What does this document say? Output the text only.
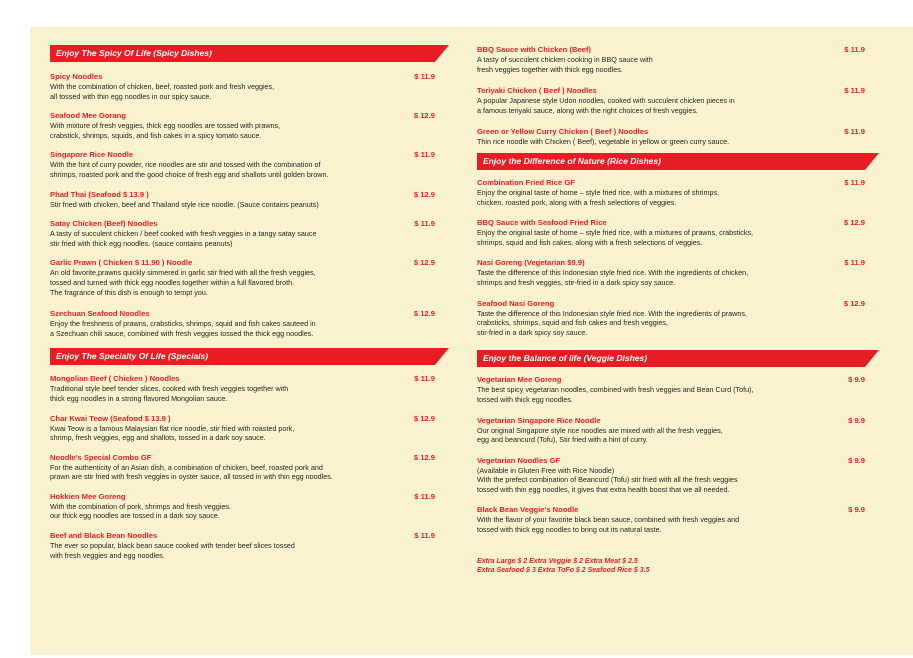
Enjoy The Spicy Of Life (Spicy Dishes)
Spicy Noodles	$ 11.9
With the combination of chicken, beef, roasted pork and fresh veggies,
all tossed with thin egg noodles in our spicy sauce.
Seafood Mee Gorang	$ 12.9
With mixture of fresh veggies, thick egg noodles are tossed with prawns,
crabstick, shrimps, squids, and fish cakes in a spicy tomato sauce.
Singapore Rice Noodle	$ 11.9
With the hint of curry powder, rice noodles are stir and tossed with the combination of
shrimps, roasted pork and the good choice of fresh egg and shallots until golden brown.
Phad Thai (Seafood $ 13.9 )	$ 12.9
Stir fried with chicken, beef and Thailand style rice noodle. (Sauce contains peanuts)
Satay Chicken (Beef) Noodles	$ 11.9
A tasty of succulent chicken / beef cooked with fresh veggies in a tangy satay sauce
stir fried with thick egg noodles. (sauce contains peanuts)
Garlic Prawn ( Chicken $ 11.90 ) Noodle	$ 12.9
An old favorite,prawns quickly simmered in garlic stir fried with all the fresh veggies,
tossed and turned with thick egg noodles together within a full flavored broth.
The fragrance of this dish is enough to tempt you.
Szechuan Seafood Noodles	$ 12.9
Enjoy the freshness of prawns, crabsticks, shrimps, squid and fish cakes sauteed in
a Szechuan chili sauce, combined with fresh veggies tossed the thick egg noodles.
Enjoy The Specialty Of Life (Specials)
Mongolian Beef ( Chicken ) Noodles	$ 11.9
Traditional style beef tender slices, cooked with fresh veggies together with
thick egg noodles in a strong flavored Mongolian sauce.
Char Kwai Teow (Seafood $ 13.9 )	$ 12.9
Kwai Teow is a famous Malaysian flat rice noodle, stir fried with roasted pork,
shrimp, fresh veggies, egg and shallots, tossed in a dark soy sauce.
Noodle's Special Combo GF	$ 12.9
For the authenticity of an Asian dish, a combination of chicken, beef, roasted pork and
prawn are stir fried with fresh veggies in oyster sauce, all tossed in with thin egg noodles.
Hokkien Mee Goreng	$ 11.9
With the combination of pork, shrimps and fresh veggies.
our thick egg noodles are tossed in a dark soy sauce.
Beef and Black Bean Noodles	$ 11.9
The ever so popular, black bean sauce cooked with tender beef slices tossed
with fresh veggies and egg noodles.
BBQ Sauce with Chicken (Beef)	$ 11.9
A tasty of succulent chicken cooking in BBQ sauce with
fresh veggies together with thick egg noodles.
Teriyaki Chicken ( Beef ) Noodles	$ 11.9
A popular Japanese style Udon noodles, cooked with succulent chicken pieces in
a famous teriyaki sauce, along with the right choices of fresh veggies.
Green or Yellow Curry Chicken ( Beef ) Noodles	$ 11.9
Thin rice noodle with Chicken ( Beef), vegetable in yellow or green curry sauce.
Enjoy the Difference of Nature (Rice Dishes)
Combination Fried Rice GF	$ 11.9
Enjoy the original taste of home – style fried rice, with a mixtures of shrimps,
chicken, roasted pork, along with a fresh selections of veggies.
BBQ Sauce with Seafood Fried Rice	$ 12.9
Enjoy the original taste of home – style fried rice, with a mixtures of prawns, crabsticks,
shrimps, squid and fish cakes, along with a fresh selections of veggies.
Nasi Goreng (Vegetarian $9.9)	$ 11.9
Taste the difference of this Indonesian style fried rice. With the ingredients of chicken,
shrimps and fresh veggies, stir-fried in a dark spicy soy sauce.
Seafood Nasi Goreng	$ 12.9
Taste the difference of this Indonesian style fried rice. With the ingredients of prawns,
crabsticks, shrimps, squid and fish cakes and fresh veggies,
stir-fried in a dark spicy soy sauce.
Enjoy the Balance of life (Veggie Dishes)
Vegetarian Mee Goreng	$ 9.9
The best spicy vegetarian noodles, combined with fresh veggies and Bean Curd (Tofu),
tossed with thick egg noodles.
Vegetarian Singapore Rice Noodle	$ 9.9
Our original Singapore style rice noodles are mixed with all the fresh veggies,
egg and beancurd (Tofu), Stir fried with a hint of curry.
Vegetarian Noodles GF	$ 9.9
(Available in Gluten Free with Rice Noodle)
With the prefect combination of Beancurd (Tofu) stir fried with all the fresh veggies
tossed with thin egg noodles, it gives that extra health boost that we all needed.
Black Bean Veggie's Noodle	$ 9.9
With the flavor of your favorite black bean sauce, combined with fresh veggies and
tossed with thick egg noodles to bring out its natural taste.
Extra Large $ 2 Extra Veggie $ 2 Extra Meat $ 2.5
Extra Seafood $ 3 Extra ToFo $ 2 Seafood Rice $ 3.5
